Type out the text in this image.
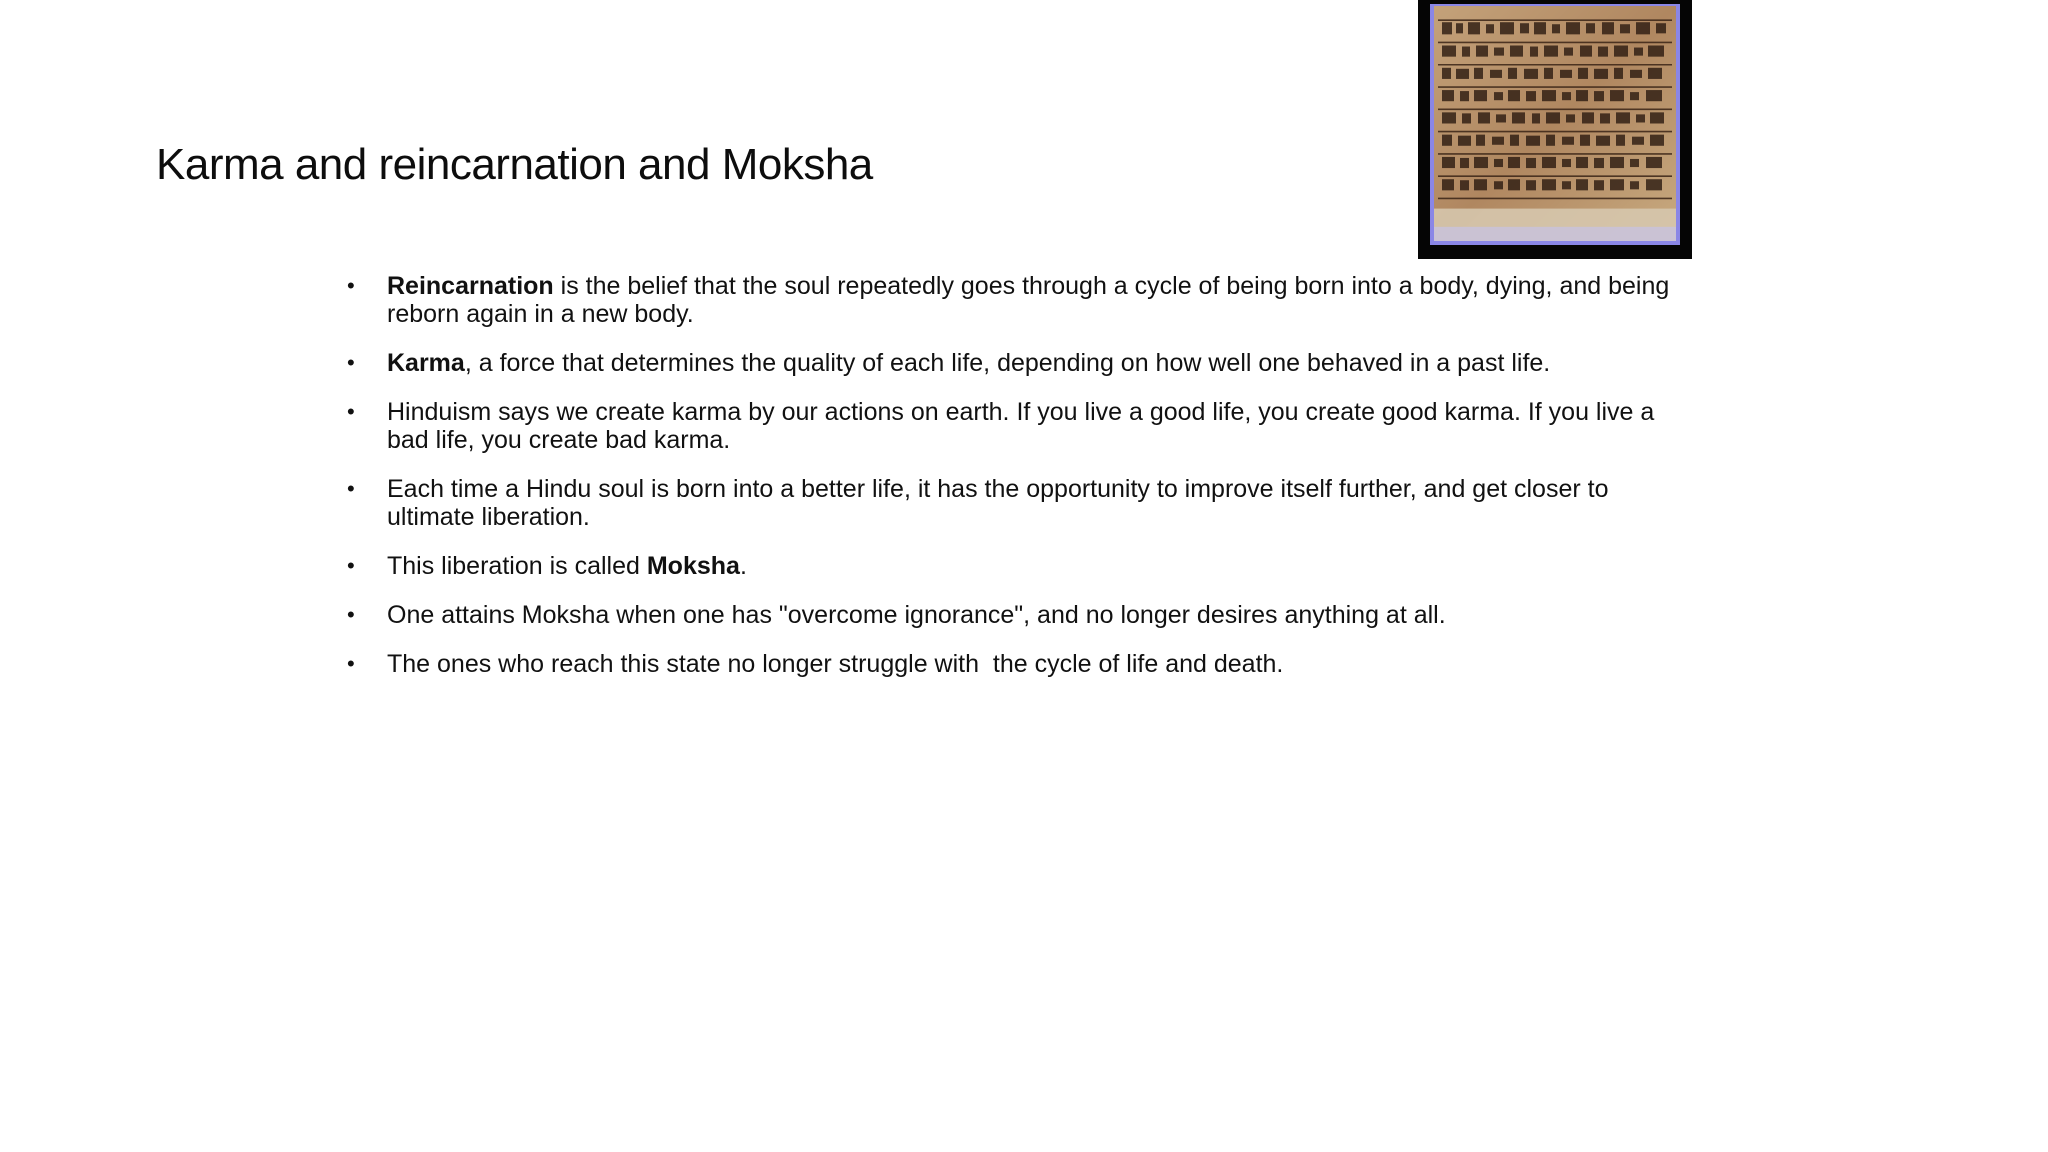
Karma and reincarnation and Moksha
• Reincarnation is the belief that the soul repeatedly goes through a cycle of being born into a body, dying, and being reborn again in a new body.
• Karma, a force that determines the quality of each life, depending on how well one behaved in a past life.
• Hinduism says we create karma by our actions on earth. If you live a good life, you create good karma. If you live a bad life, you create bad karma.
• Each time a Hindu soul is born into a better life, it has the opportunity to improve itself further, and get closer to ultimate liberation.
• This liberation is called Moksha.
• One attains Moksha when one has "overcome ignorance", and no longer desires anything at all.
• The ones who reach this state no longer struggle with  the cycle of life and death.
